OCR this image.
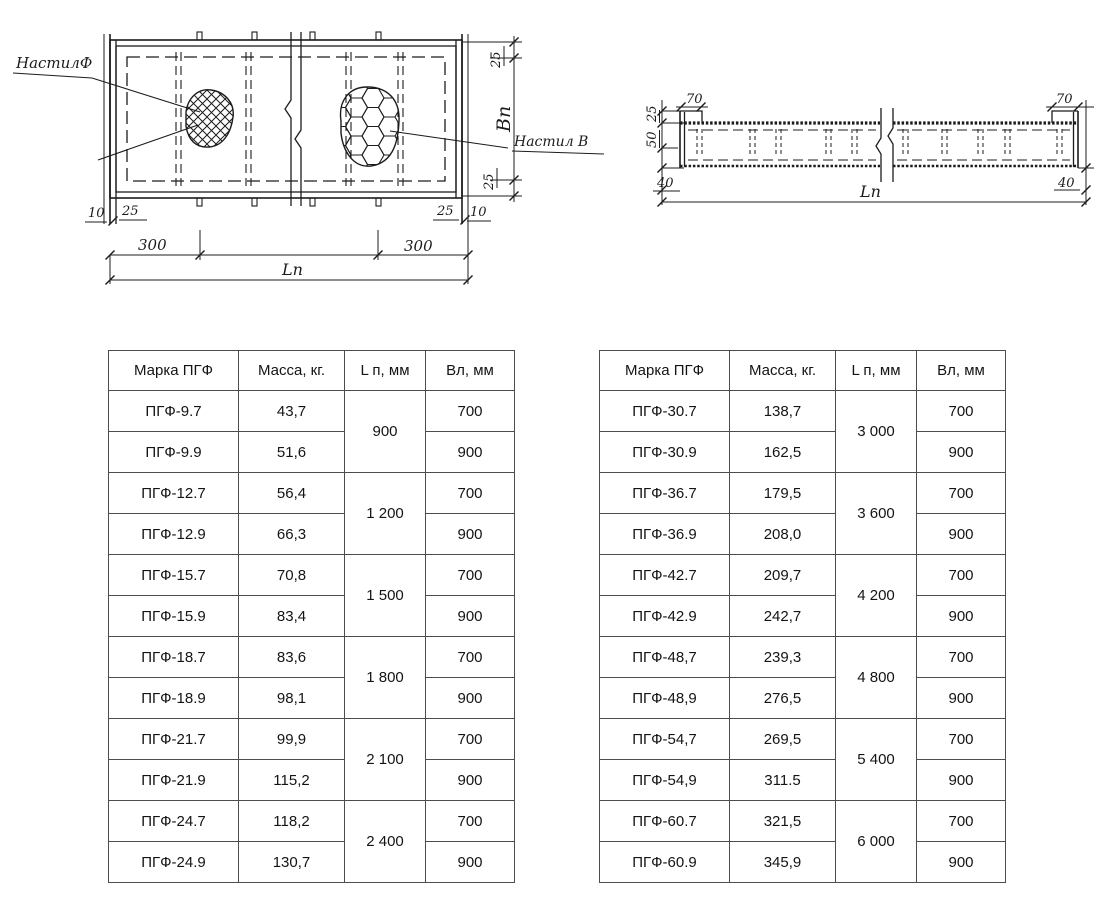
НастилФ
Настил В
25
Вп
25
10 25	25 10
300	300
Lп
70
25
50
40
70
40
Lп
Марка ПГФ	Масса, кг.	L п, мм	Вл, мм
ПГФ-9.7	43,7	900	700
ПГФ-9.9	51,6		900
ПГФ-12.7	56,4	1 200	700
ПГФ-12.9	66,3		900
ПГФ-15.7	70,8	1 500	700
ПГФ-15.9	83,4		900
ПГФ-18.7	83,6	1 800	700
ПГФ-18.9	98,1		900
ПГФ-21.7	99,9	2 100	700
ПГФ-21.9	115,2		900
ПГФ-24.7	118,2	2 400	700
ПГФ-24.9	130,7		900
Марка ПГФ	Масса, кг.	L п, мм	Вл, мм
ПГФ-30.7	138,7	3 000	700
ПГФ-30.9	162,5		900
ПГФ-36.7	179,5	3 600	700
ПГФ-36.9	208,0		900
ПГФ-42.7	209,7	4 200	700
ПГФ-42.9	242,7		900
ПГФ-48,7	239,3	4 800	700
ПГФ-48,9	276,5		900
ПГФ-54,7	269,5	5 400	700
ПГФ-54,9	311.5		900
ПГФ-60.7	321,5	6 000	700
ПГФ-60.9	345,9		900
